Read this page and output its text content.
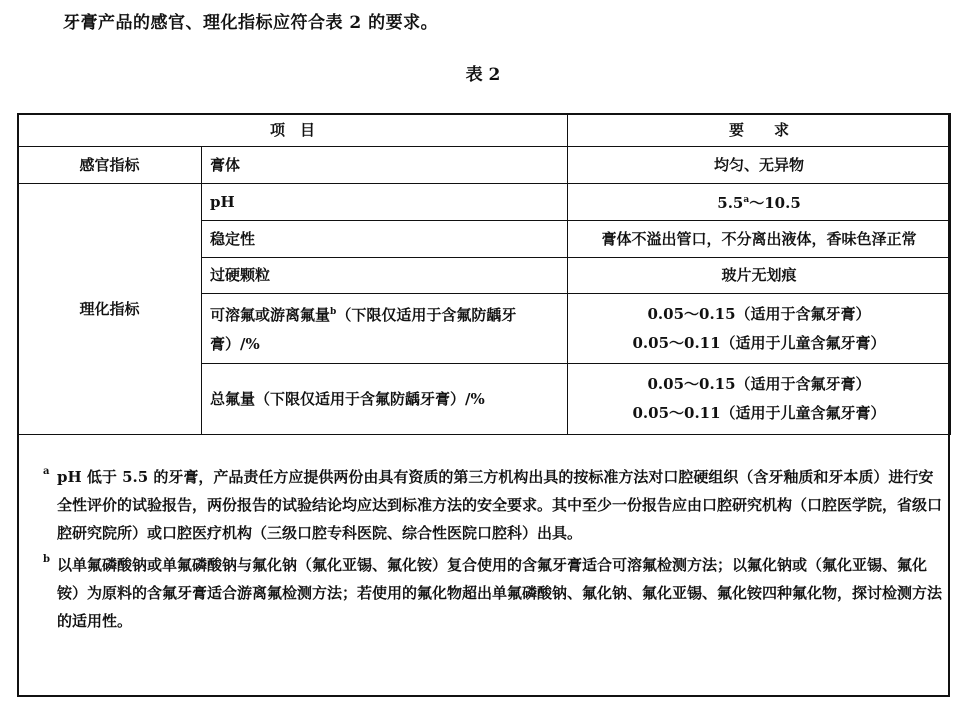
牙膏产品的感官、理化指标应符合表 2 的要求。
表 2
项　目		要　　求
感官指标	膏体	均匀、无异物
理化指标	pH	5.5$^a$～10.5
	稳定性	膏体不溢出管口，不分离出液体，香味色泽正常
	过硬颗粒	玻片无划痕
	可溶氟或游离氟量$^b$（下限仅适用于含氟防龋牙膏）/%	0.05～0.15（适用于含氟牙膏）
0.05～0.11（适用于儿童含氟牙膏）

	总氟量（下限仅适用于含氟防龋牙膏）/%	0.05～0.15（适用于含氟牙膏）
0.05～0.11（适用于儿童含氟牙膏）
a pH 低于 5.5 的牙膏，产品责任方应提供两份由具有资质的第三方机构出具的按标准方法对口腔硬组织（含牙釉质和牙本质）进行安全性评价的试验报告，两份报告的试验结论均应达到标准方法的安全要求。其中至少一份报告应由口腔研究机构（口腔医学院，省级口腔研究院所）或口腔医疗机构（三级口腔专科医院、综合性医院口腔科）出具。
b 以单氟磷酸钠或单氟磷酸钠与氟化钠（氟化亚锡、氟化铵）复合使用的含氟牙膏适合可溶氟检测方法；以氟化钠或（氟化亚锡、氟化铵）为原料的含氟牙膏适合游离氟检测方法；若使用的氟化物超出单氟磷酸钠、氟化钠、氟化亚锡、氟化铵四种氟化物，探讨检测方法的适用性。
